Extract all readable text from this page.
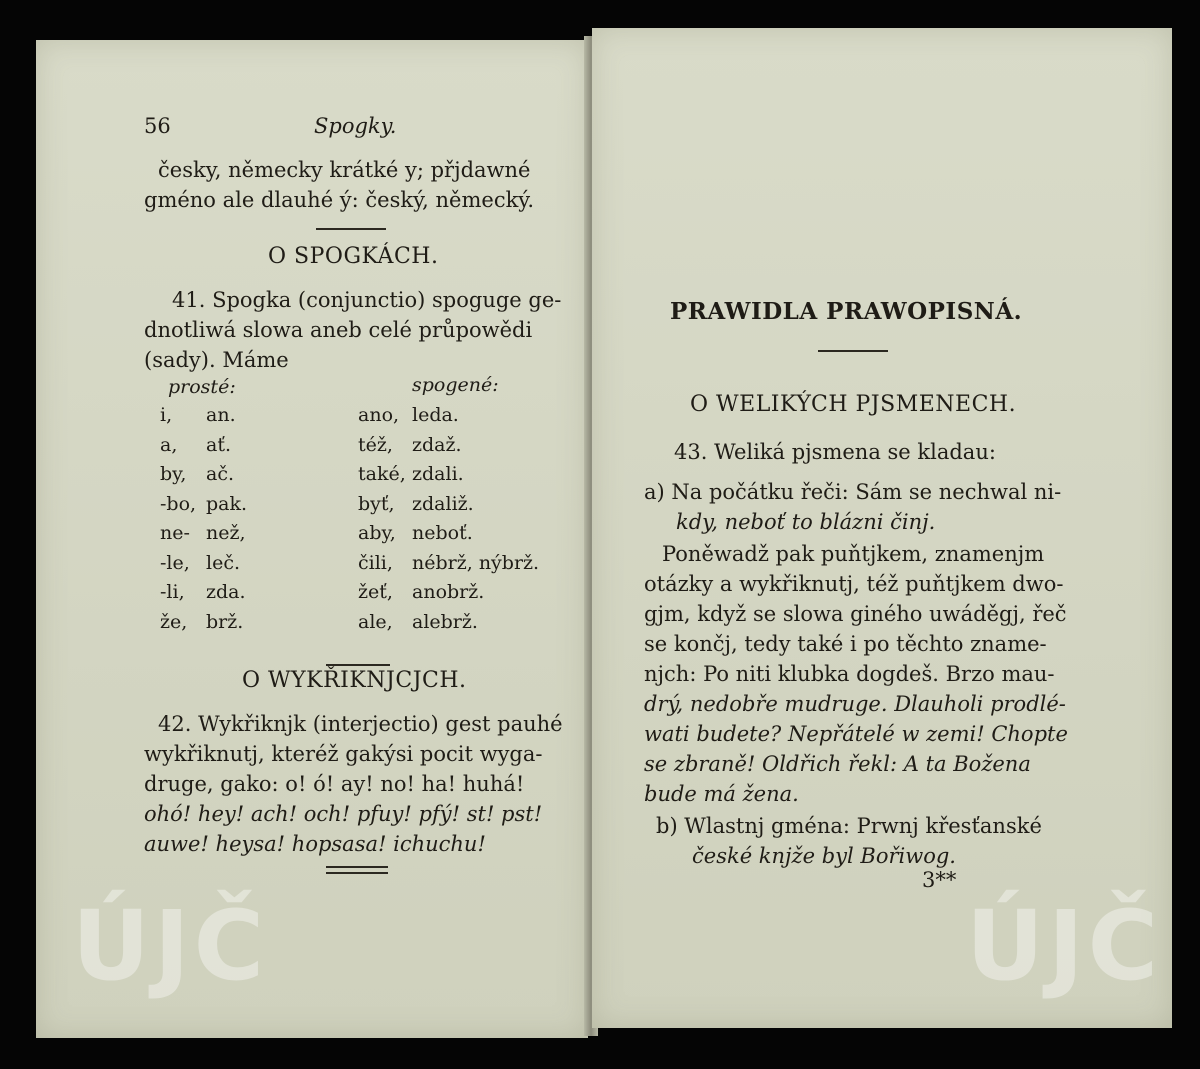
56	Spogky.
česky, německy krátké y; přjdawné
gméno ale dlauhé ý: český, německý.
O SPOGKÁCH.
41. Spogka (conjunctio) spoguge ge-
dnotliwá slowa aneb celé průpowědi
(sady). Máme
prosté:	spogené:
i, an.	ano, leda.
a, ať.	též, zdaž.
by, ač.	také, zdali.
-bo, pak.	byť, zdaliž.
ne- než,	aby, neboť.
-le, leč.	čili, nébrž, nýbrž.
-li, zda.	žeť, anobrž.
že, brž.	ale, alebrž.
O WYKŘIKNJCJCH.
42. Wykřiknjk (interjectio) gest pauhé
wykřiknutj, kteréž gakýsi pocit wyga-
druge, gako: o! ó! ay! no! ha! huhá!
ohó! hey! ach! och! pfuy! pfý! st! pst!
auwe! heysa! hopsasa! ichuchu!
ÚJČ
PRAWIDLA PRAWOPISNÁ.
O WELIKÝCH PJSMENECH.
43. Weliká pjsmena se kladau:
a) Na počátku řeči: Sám se nechwal ni-
kdy, neboť to blázni činj.
Poněwadž pak puňtjkem, znamenjm
otázky a wykřiknutj, též puňtjkem dwo-
gjm, když se slowa giného uwáděgj, řeč
se končj, tedy také i po těchto zname-
njch: Po niti klubka dogdeš. Brzo mau-
drý, nedobře mudruge. Dlauholi prodlé-
wati budete? Nepřátelé w zemi! Chopte
se zbraně! Oldřich řekl: A ta Božena
bude má žena.
b) Wlastnj gména: Prwnj křesťanské
české knjže byl Bořiwog.
3**
ÚJČ
